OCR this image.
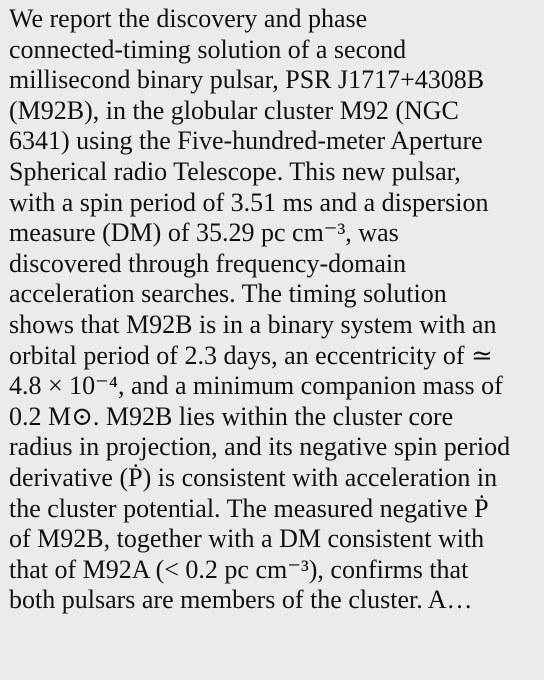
We report the discovery and phase
connected-timing solution of a second
millisecond binary pulsar, PSR J1717+4308B
(M92B), in the globular cluster M92 (NGC
6341) using the Five-hundred-meter Aperture
Spherical radio Telescope. This new pulsar,
with a spin period of 3.51 ms and a dispersion
measure (DM) of 35.29 pc cm⁻³, was
discovered through frequency-domain
acceleration searches. The timing solution
shows that M92B is in a binary system with an
orbital period of 2.3 days, an eccentricity of ≃
4.8 × 10⁻⁴, and a minimum companion mass of
0.2 M⊙. M92B lies within the cluster core
radius in projection, and its negative spin period
derivative (Ṗ) is consistent with acceleration in
the cluster potential. The measured negative Ṗ
of M92B, together with a DM consistent with
that of M92A (< 0.2 pc cm⁻³), confirms that
both pulsars are members of the cluster. A…
